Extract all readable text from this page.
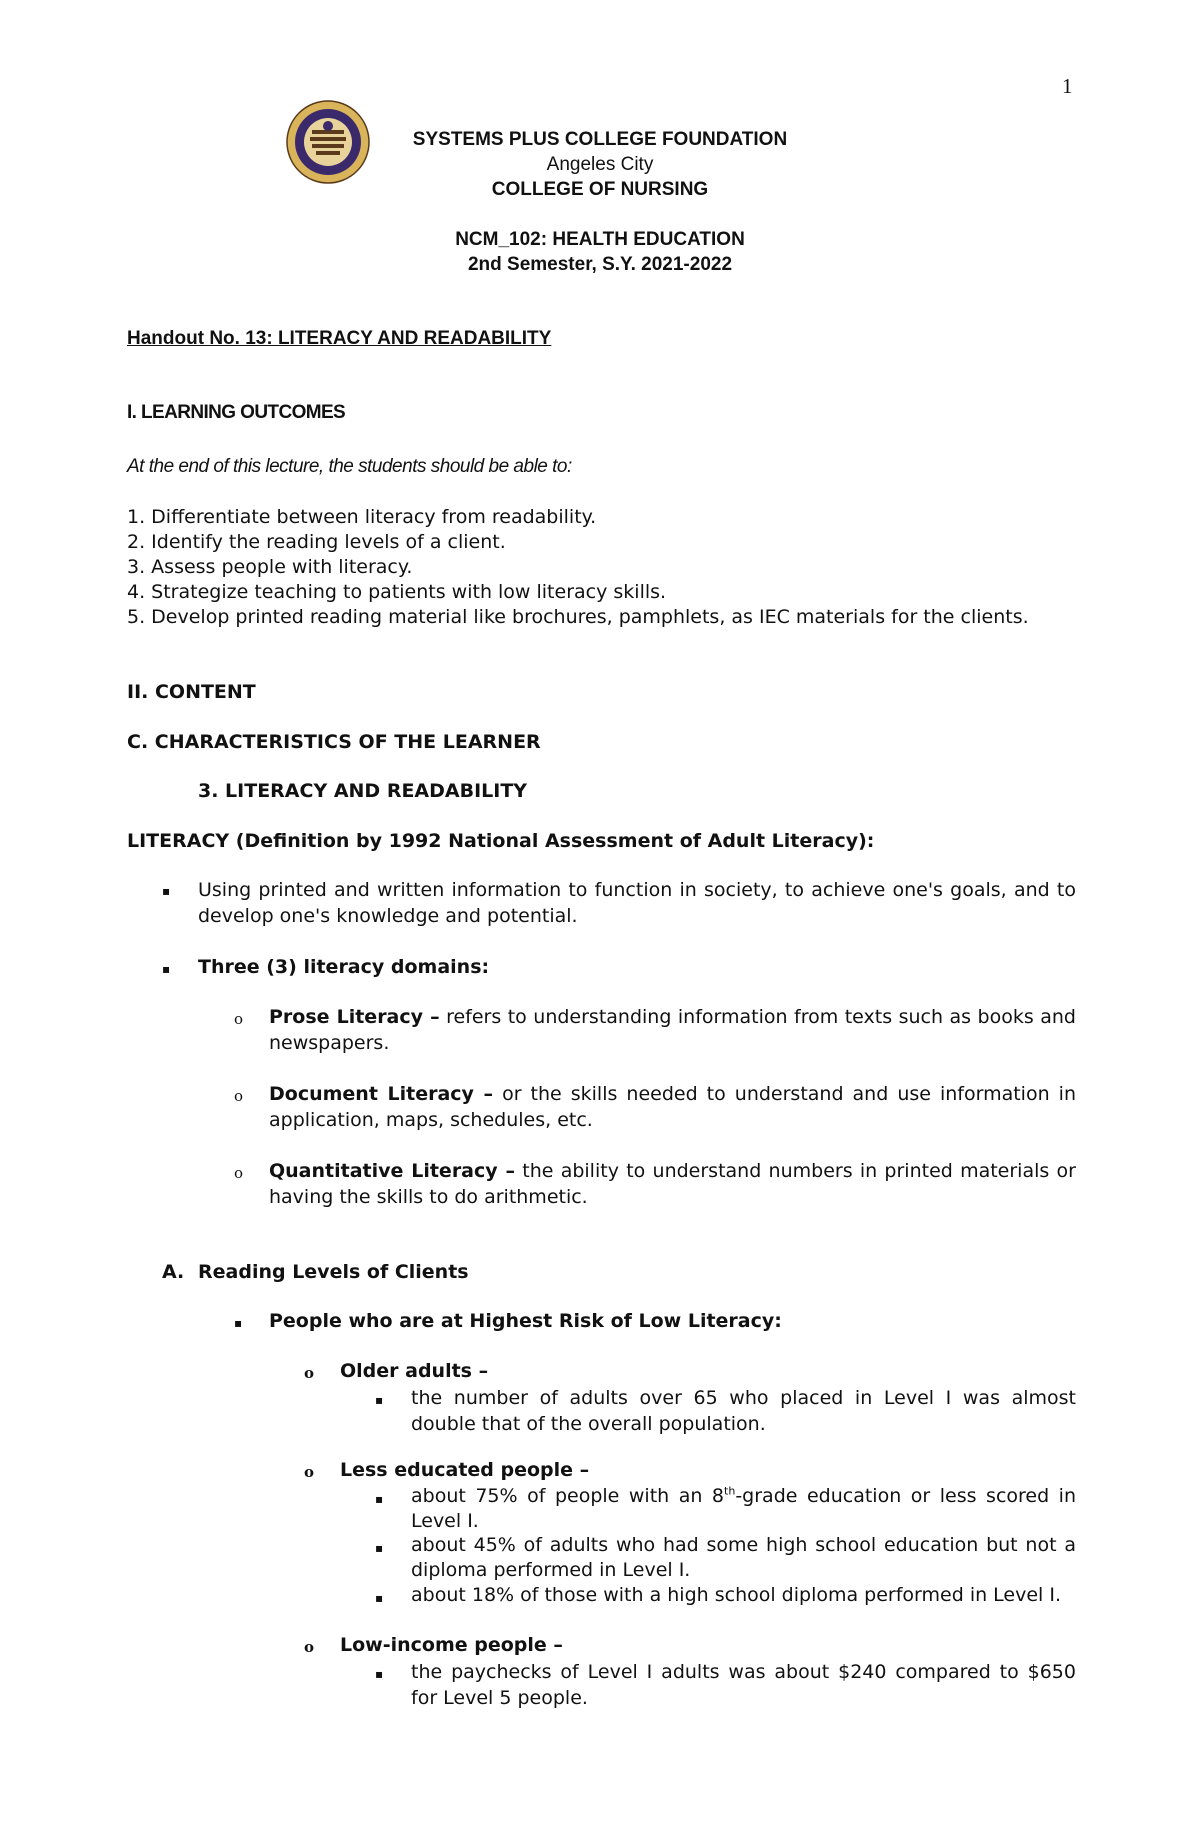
1
SYSTEMS PLUS COLLEGE FOUNDATION
Angeles City
COLLEGE OF NURSING
NCM_102: HEALTH EDUCATION
2nd Semester, S.Y. 2021-2022
Handout No. 13: LITERACY AND READABILITY
I. LEARNING OUTCOMES
At the end of this lecture, the students should be able to:
1. Differentiate between literacy from readability.
2. Identify the reading levels of a client.
3. Assess people with literacy.
4. Strategize teaching to patients with low literacy skills.
5. Develop printed reading material like brochures, pamphlets, as IEC materials for the clients.
II. CONTENT
C. CHARACTERISTICS OF THE LEARNER
3. LITERACY AND READABILITY
LITERACY (Definition by 1992 National Assessment of Adult Literacy):
▪ Using printed and written information to function in society, to achieve one's goals, and to develop one's knowledge and potential.
▪ Three (3) literacy domains:
o Prose Literacy – refers to understanding information from texts such as books and newspapers.
o Document Literacy – or the skills needed to understand and use information in application, maps, schedules, etc.
o Quantitative Literacy – the ability to understand numbers in printed materials or having the skills to do arithmetic.
A. Reading Levels of Clients
▪ People who are at Highest Risk of Low Literacy:
o Older adults –
▪ the number of adults over 65 who placed in Level I was almost double that of the overall population.
o Less educated people –
▪ about 75% of people with an 8th-grade education or less scored in Level I.
▪ about 45% of adults who had some high school education but not a diploma performed in Level I.
▪ about 18% of those with a high school diploma performed in Level I.
o Low-income people –
▪ the paychecks of Level I adults was about $240 compared to $650 for Level 5 people.
